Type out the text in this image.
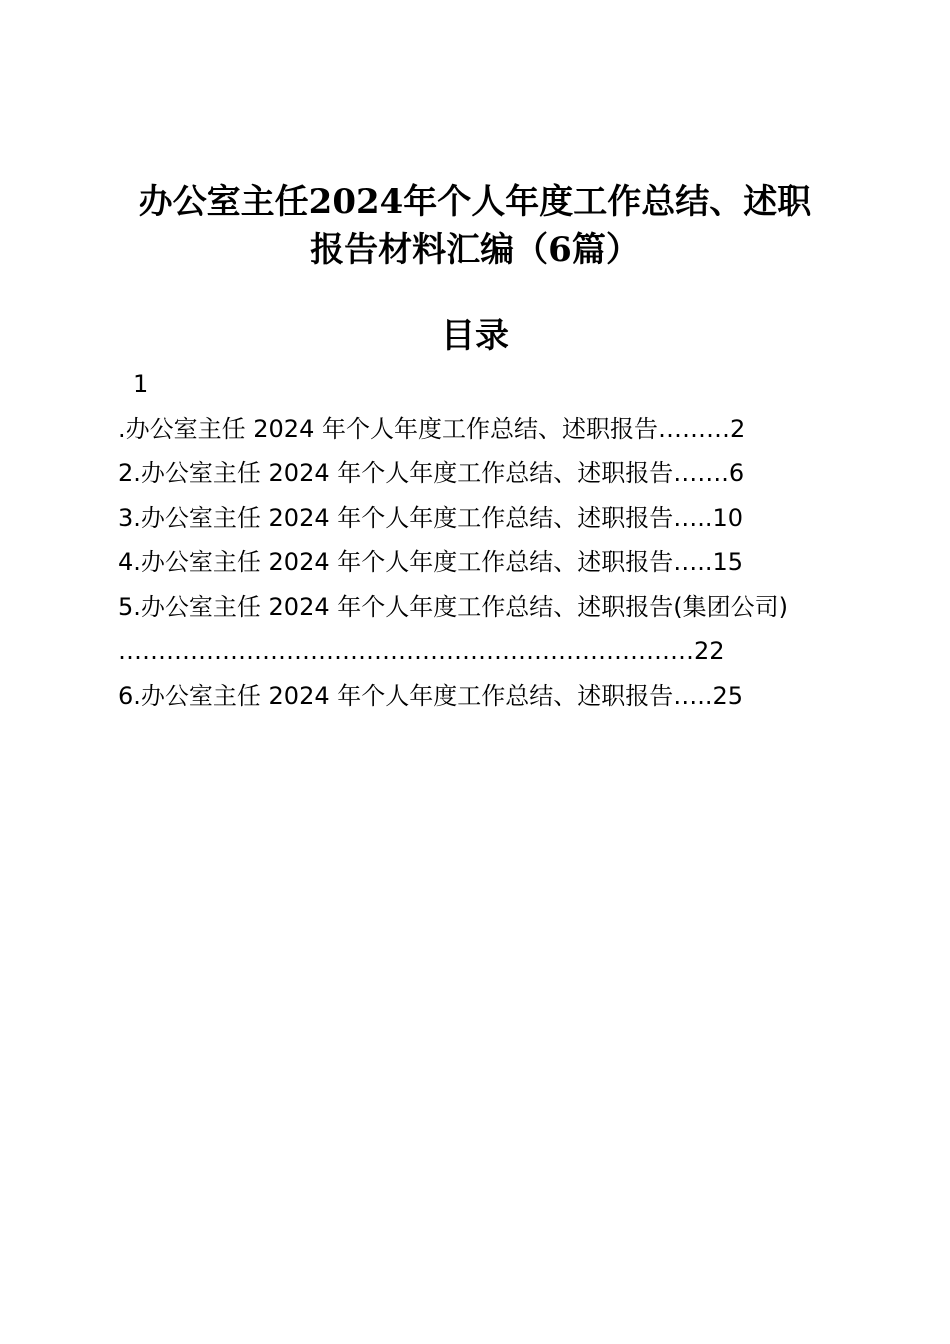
办公室主任2024年个人年度工作总结、述职
报告材料汇编（6篇）
目录
1
.办公室主任 2024 年个人年度工作总结、述职报告………2
2.办公室主任 2024 年个人年度工作总结、述职报告…….6
3.办公室主任 2024 年个人年度工作总结、述职报告…..10
4.办公室主任 2024 年个人年度工作总结、述职报告…..15
5.办公室主任 2024 年个人年度工作总结、述职报告(集团公司)
………………………………………………………………22
6.办公室主任 2024 年个人年度工作总结、述职报告…..25
